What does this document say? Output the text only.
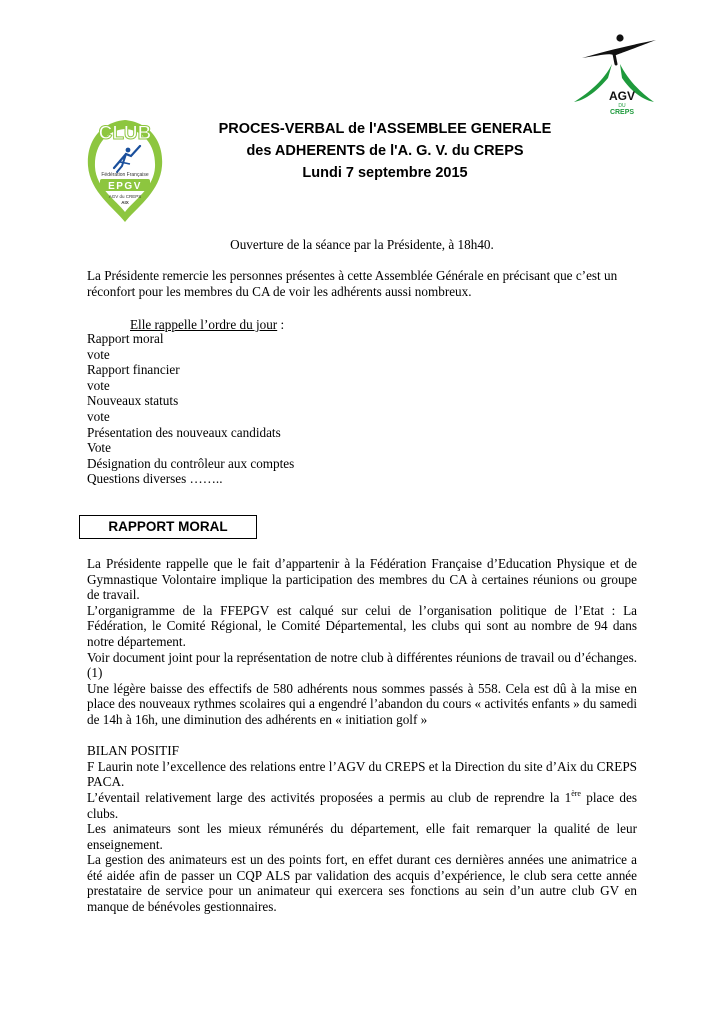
CLUB
Fédération Française
EPGV
AGV du CREPS
AIX
AGV
DU
CREPS
PROCES-VERBAL de l'ASSEMBLEE GENERALE
des ADHERENTS de l'A. G. V. du CREPS
Lundi 7 septembre 2015
Ouverture de la séance par la Présidente, à 18h40.
La Présidente remercie les personnes présentes à cette Assemblée Générale en précisant que c’est un
réconfort pour les membres du CA de voir les adhérents aussi nombreux.
Elle rappelle l’ordre du jour :
Rapport moral
vote
Rapport financier
vote
Nouveaux statuts
vote
Présentation des nouveaux candidats
Vote
Désignation du contrôleur aux comptes
Questions diverses ……..
RAPPORT MORAL

La Présidente rappelle que le fait d’appartenir à la Fédération Française d’Education Physique et de Gymnastique Volontaire implique la participation des membres du CA à certaines réunions ou groupe de travail.

L’organigramme de la FFEPGV est calqué sur celui de l’organisation politique de l’Etat : La Fédération, le Comité Régional, le Comité Départemental, les clubs qui sont au nombre de 94 dans notre département.

Voir document joint pour la représentation de notre club à différentes réunions de travail ou d’échanges.(1)

Une légère baisse des effectifs de 580 adhérents nous sommes passés à 558. Cela est dû à la mise en place des nouveaux rythmes scolaires qui a engendré l’abandon du cours « activités enfants » du samedi de 14h à 16h, une diminution des adhérents en « initiation golf »

BILAN POSITIF

F Laurin note l’excellence des relations entre l’AGV du CREPS et la Direction du site d’Aix du CREPS PACA.

L’éventail relativement large des activités proposées a permis au club de reprendre la 1ère place des clubs.

Les animateurs sont les mieux rémunérés du département, elle fait remarquer la qualité de leur enseignement.

La gestion des animateurs est un des points fort, en effet durant ces dernières années une animatrice a été aidée afin de passer un CQP ALS par validation des acquis d’expérience, le club sera cette année prestataire de service pour un animateur qui exercera ses fonctions au sein d’un autre club GV en manque de bénévoles gestionnaires.
